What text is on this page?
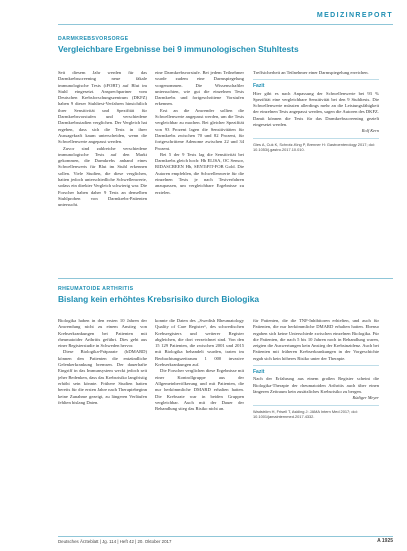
MEDIZINREPORT
DARMKREBSVORSORGE
Vergleichbare Ergebnisse bei 9 immunologischen Stuhltests

Seit diesem Jahr werden für das Darmkrebsscreening neue fäkale immunologische Tests (iFOBT) auf Blut im Stuhl eingesetzt. Ansprechpartner vom Deutschen Krebsforschungszentrum (DKFZ) haben 9 dieser Stuhltest-Verfahren hinsichtlich ihrer Sensitivität und Spezifität für Darmkrebsvorstufen und verschiedene Darmkrebsstadien verglichen. Der Vergleich hat ergeben, dass sich die Tests in ihrer Aussagekraft kaum unterscheiden, wenn die Schwellenwerte angepasst werden.

Zuvor sind zahlreiche verschiedene immunologische Tests auf den Markt gekommen, die Darmkrebs anhand eines Schwellenwerts für Blut im Stuhl erkennen sollen. Viele Studien, die diese verglichen, hatten jedoch unterschiedliche Schwellenwerte, sodass ein direkter Vergleich schwierig war. Die Forscher haben daher 9 Tests an denselben Stuhlproben von Darmkrebs-Patienten untersucht.

eine Darmkrebsvorstufe. Bei jedem Teilnehmer wurde zudem eine Darmspiegelung vorgenommen. Die Wissenschaftler untersuchten, wie gut die einzelnen Tests Darmkrebs und fortgeschrittene Vorstufen erkennen.

Erst an die Anwender sollten die Schwellenwerte angepasst werden, um die Tests vergleichbar zu machen. Bei gleicher Spezifität von 93 Prozent lagen die Sensitivitäten für Darmkrebs zwischen 70 und 82 Prozent, für fortgeschrittene Adenome zwischen 22 und 34 Prozent.

Bei 5 der 9 Tests lag die Sensitivität bei Darmkrebs gleich hoch: Hb ELISA, OC Sensor, RIDASCREEN Hb, SENTiFIT-FOB Gold. Die Autoren empfehlen, die Schwellenwerte für die einzelnen Tests je nach Testverfahren anzupassen, um vergleichbare Ergebnisse zu erzielen.

Treffsicherheit an Teilnehmer einer Darmspiegelung erreichen.

Fazit

Hier gibt es nach Anpassung der Schwellenwerte bei 93 % Spezifität eine vergleichbare Sensitivität bei den 9 Stuhltests. Die Schwellenwerte müssten allerdings mehr an die Leistungsfähigkeit der einzelnen Tests angepasst werden, sagen die Autoren des DKFZ. Damit können die Tests für das Darmkrebsscreening gezielt eingesetzt werden.

Rolf Kern
Gies A, Cuk K, Schrotz-King P, Brenner H: Gastroenterology 2017; doi: 10.1053/j.gastro.2017.10.010.
RHEUMATOIDE ARTHRITIS
Bislang kein erhöhtes Krebsrisiko durch Biologika

Biologika haben in den ersten 10 Jahren der Anwendung nicht zu einem Anstieg von Krebserkrankungen bei Patienten mit rheumatoider Arthritis geführt. Dies geht aus einer Registerstudie in Schweden hervor.

Diese Biologika-Präparate (bDMARD) können den Patienten die entzündliche Gelenkerkrankung bremsen. Der dauerhafte Eingriff in das Immunsystem weckt jedoch seit jeher Bedenken, dass das Krebsrisiko langfristig erhöht sein könnte. Frühere Studien hatten bereits für die ersten Jahre nach Therapiebeginn keine Zunahme gezeigt, zu längeren Verläufen fehlten bislang Daten.

konnte die Daten des „Swedish Rheumatology Quality of Care Register“, des schwedischen Krebsregisters und weiterer Register abgleichen, die dort verzeichnet sind. Von den 15 129 Patienten, die zwischen 2001 und 2015 mit Biologika behandelt wurden, traten im Beobachtungszeitraum 1 000 invasive Krebserkrankungen auf.

Die Forscher verglichen diese Ergebnisse mit einer Kontrollgruppe aus der Allgemeinbevölkerung und mit Patienten, die nur herkömmliche DMARD erhalten hatten. Die Krebsrate war in beiden Gruppen vergleichbar. Auch mit der Dauer der Behandlung stieg das Risiko nicht an.

für Patienten, die die TNF-Inhibitoren erhielten, und auch für Patienten, die nur herkömmliche DMARD erhalten hatten. Ebenso ergaben sich keine Unterschiede zwischen einzelnen Biologika. Für die Patienten, die nach 5 bis 10 Jahren noch in Behandlung waren, zeigten die Auswertungen kein Anstieg der Krebsinzidenz. Auch bei Patienten mit früheren Krebserkrankungen in der Vorgeschichte ergab sich kein höheres Risiko unter der Therapie.

Fazit

Nach der Erfahrung aus einem großen Register scheint die Biologika-Therapie der rheumatoiden Arthritis auch über einen längeren Zeitraum kein zusätzliches Krebsrisiko zu bergen.

Rüdiger Meyer
Wadström H, Frisell T, Askling J: JAMA Intern Med 2017; doi: 10.1001/jamainternmed.2017.4332.
Deutsches Ärzteblatt | Jg. 114 | Heft 42 | 20. Oktober 2017	A 1925
